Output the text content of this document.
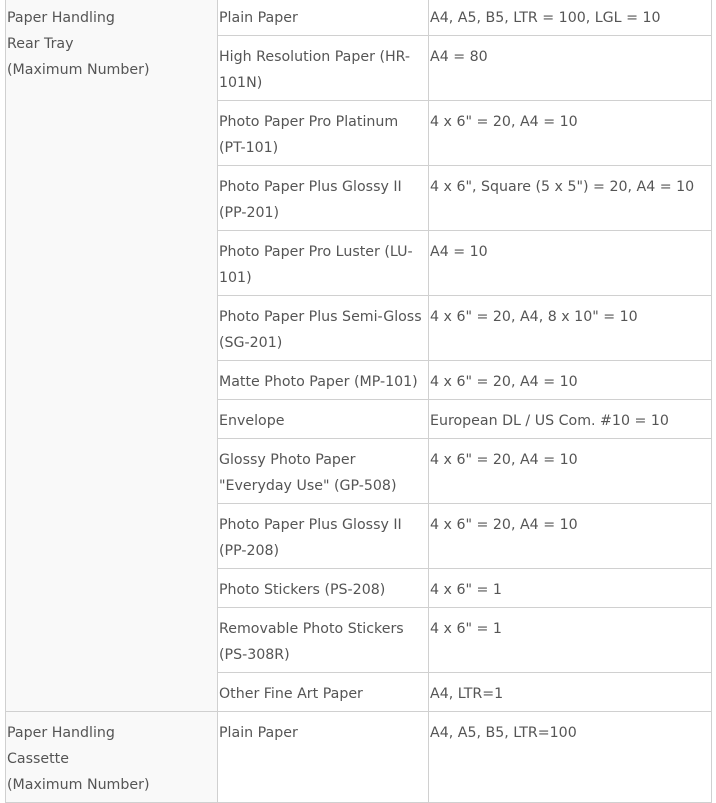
Paper Handling
Rear Tray
(Maximum Number)	Plain Paper	A4, A5, B5, LTR = 100, LGL = 10
	High Resolution Paper (HR-101N)	A4 = 80
	Photo Paper Pro Platinum (PT-101)	4 x 6" = 20, A4 = 10
	Photo Paper Plus Glossy II (PP-201)	4 x 6", Square (5 x 5") = 20, A4 = 10
	Photo Paper Pro Luster (LU-101)	A4 = 10
	Photo Paper Plus Semi-Gloss (SG-201)	4 x 6" = 20, A4, 8 x 10" = 10
	Matte Photo Paper (MP-101)	4 x 6" = 20, A4 = 10
	Envelope	European DL / US Com. #10 = 10
	Glossy Photo Paper "Everyday Use" (GP-508)	4 x 6" = 20, A4 = 10
	Photo Paper Plus Glossy II (PP-208)	4 x 6" = 20, A4 = 10
	Photo Stickers (PS-208)	4 x 6" = 1
	Removable Photo Stickers (PS-308R)	4 x 6" = 1
	Other Fine Art Paper	A4, LTR=1

Paper Handling
Cassette
(Maximum Number)	Plain Paper	A4, A5, B5, LTR=100
